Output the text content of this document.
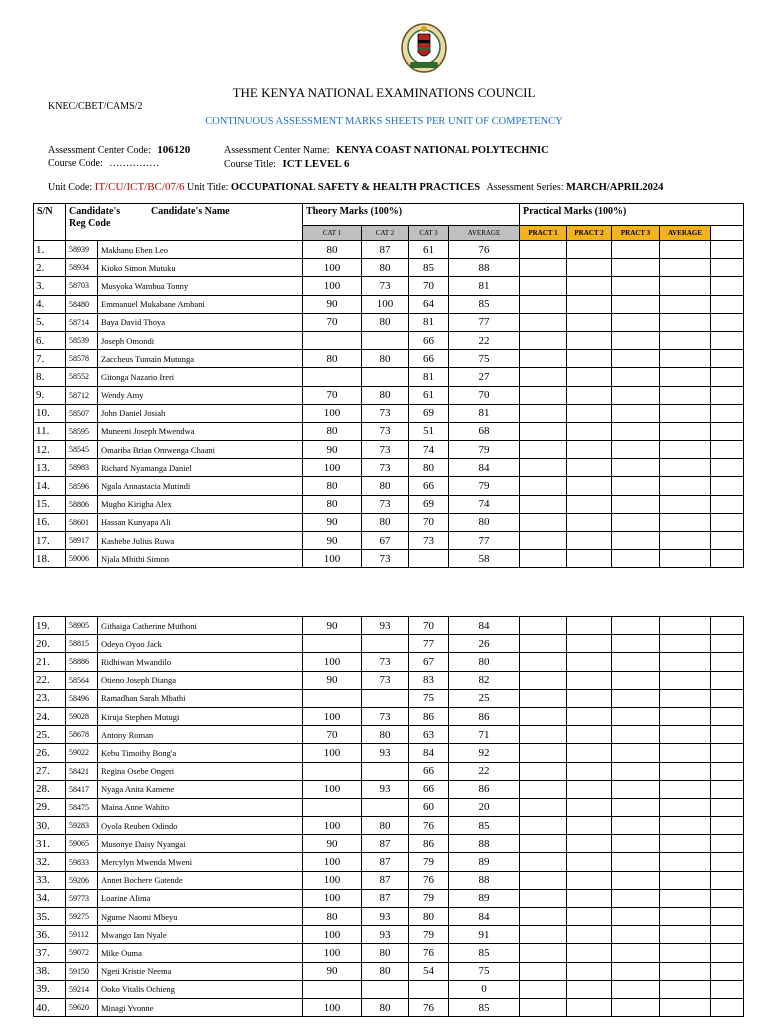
THE KENYA NATIONAL EXAMINATIONS COUNCIL
KNEC/CBET/CAMS/2
CONTINUOUS ASSESSMENT MARKS SHEETS PER UNIT OF COMPETENCY
Assessment Center Code: 106120	Assessment Center Name: KENYA COAST NATIONAL POLYTECHNIC
Course Code: ……………	Course Title: ICT LEVEL 6
Unit Code: IT/CU/ICT/BC/07/6 Unit Title: OCCUPATIONAL SAFETY & HEALTH PRACTICES Assessment Series: MARCH/APRIL2024
S/N	Candidate's
Reg Code
Candidate's Name		Theory Marks (100%)				Practical Marks (100%)				
			CAT 1	CAT 2	CAT 3	AVERAGE	PRACT 1	PRACT 2	PRACT 3	AVERAGE	
1.	58939	Makhanu Eben Leo	80	87	61	76					
2.	58934	Kioko Simon Mutuku	100	80	85	88					
3.	58703	Musyoka Wambua Tonny	100	73	70	81					
4.	58480	Emmanuel Mukabane Ambani	90	100	64	85					
5.	58714	Baya David Thoya	70	80	81	77					
6.	58539	Joseph Omondi			66	22					
7.	58578	Zaccheus Tumain Mutunga	80	80	66	75					
8.	58552	Gitonga Nazario Ireri			81	27					
9.	58712	Wendy Amy	70	80	61	70					
10.	58507	John Daniel Josiah	100	73	69	81					
11.	58595	Muneeni Joseph Mwendwa	80	73	51	68					
12.	58545	Omariba Brian Omwenga Chaani	90	73	74	79					
13.	58983	Richard Nyamanga Daniel	100	73	80	84					
14.	58596	Ngala Annastacia Mutindi	80	80	66	79					
15.	58806	Mugho Kirigha Alex	80	73	69	74					
16.	58601	Hassan Kunyapa Ali	90	80	70	80					
17.	58917	Kashebe Julius Ruwa	90	67	73	77					
18.	59006	Njala Mbithi Simon	100	73		58					
19.	58905	Githaiga Catherine Muthoni	90	93	70	84					
20.	58815	Odeyo Oyoo Jack			77	26					
21.	58886	Ridhiwan Mwandilo	100	73	67	80					
22.	58564	Otieno Joseph Dianga	90	73	83	82					
23.	58496	Ramadhan Sarah Mbathi			75	25					
24.	59028	Kiruja Stephen Mutugi	100	73	86	86					
25.	58678	Antony Roman	70	80	63	71					
26.	59022	Kebu Timothy Bong'a	100	93	84	92					
27.	58421	Regina Osebe Ongeri			66	22					
28.	58417	Nyaga Anita Kamene	100	93	66	86					
29.	58475	Maina Anne Wahito			60	20					
30.	59283	Oyola Reuben Odindo	100	80	76	85					
31.	59065	Musonye Daisy Nyangai	90	87	86	88					
32.	59833	Mercylyn Mwenda Mweni	100	87	79	89					
33.	59206	Annet Bochere Gatende	100	87	76	88					
34.	59773	Loarine Alima	100	87	79	89					
35.	59275	Ngume Naomi Mbeyu	80	93	80	84					
36.	59112	Mwango Ian Nyale	100	93	79	91					
37.	59072	Mike Ouma	100	80	76	85					
38.	59150	Ngeti Kristie Neema	90	80	54	75					
39.	59214	Ooko Vitalis Ochieng				0					
40.	59620	Minagi Yvonne	100	80	76	85					
